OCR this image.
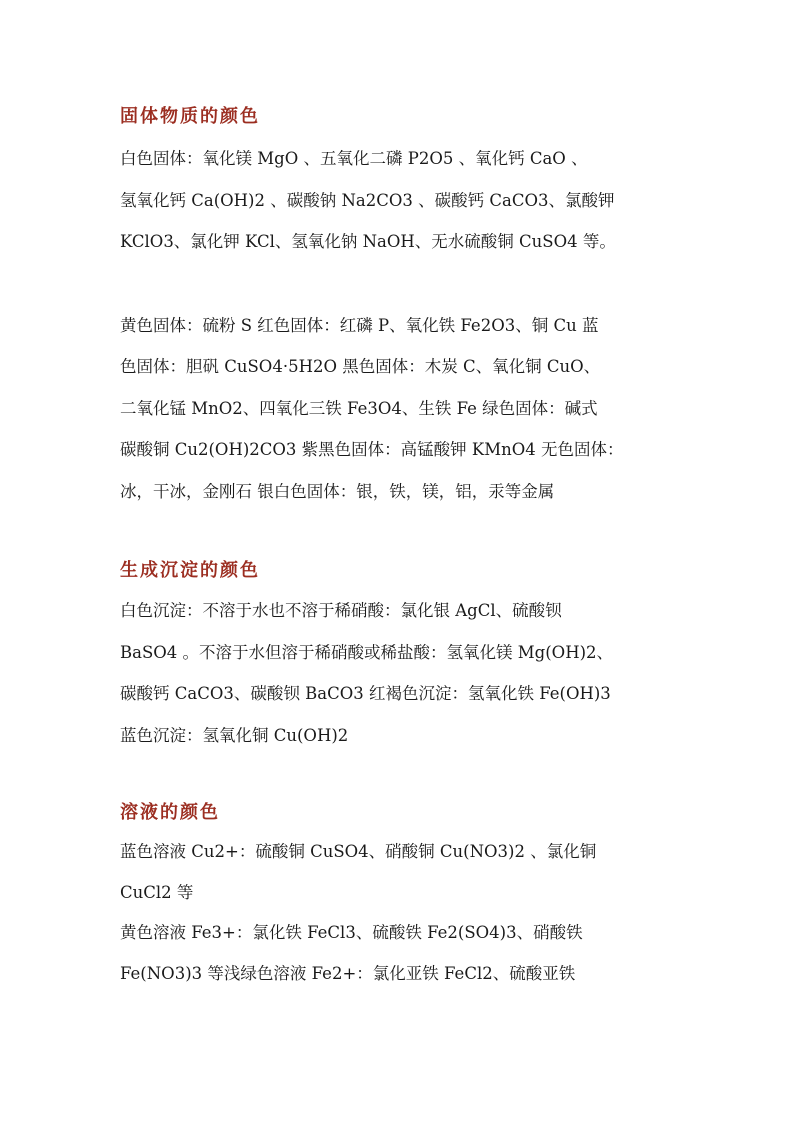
固体物质的颜色

白色固体：氧化镁 MgO 、五氧化二磷 P2O5 、氧化钙 CaO 、

氢氧化钙 Ca(OH)2 、碳酸钠 Na2CO3 、碳酸钙 CaCO3、氯酸钾

KClO3、氯化钾 KCl、氢氧化钠 NaOH、无水硫酸铜 CuSO4 等。

黄色固体：硫粉 S 红色固体：红磷 P、氧化铁 Fe2O3、铜 Cu 蓝

色固体：胆矾 CuSO4·5H2O 黑色固体：木炭 C、氧化铜 CuO、

二氧化锰 MnO2、四氧化三铁 Fe3O4、生铁 Fe 绿色固体：碱式

碳酸铜 Cu2(OH)2CO3 紫黑色固体：高锰酸钾 KMnO4 无色固体：

冰，干冰，金刚石 银白色固体：银，铁，镁，铝，汞等金属

生成沉淀的颜色

白色沉淀：不溶于水也不溶于稀硝酸：氯化银 AgCl、硫酸钡

BaSO4 。不溶于水但溶于稀硝酸或稀盐酸：氢氧化镁 Mg(OH)2、

碳酸钙 CaCO3、碳酸钡 BaCO3 红褐色沉淀：氢氧化铁 Fe(OH)3

蓝色沉淀：氢氧化铜 Cu(OH)2

溶液的颜色

蓝色溶液 Cu2+：硫酸铜 CuSO4、硝酸铜 Cu(NO3)2 、氯化铜

CuCl2 等

黄色溶液 Fe3+：氯化铁 FeCl3、硫酸铁 Fe2(SO4)3、硝酸铁

Fe(NO3)3 等浅绿色溶液 Fe2+：氯化亚铁 FeCl2、硫酸亚铁
